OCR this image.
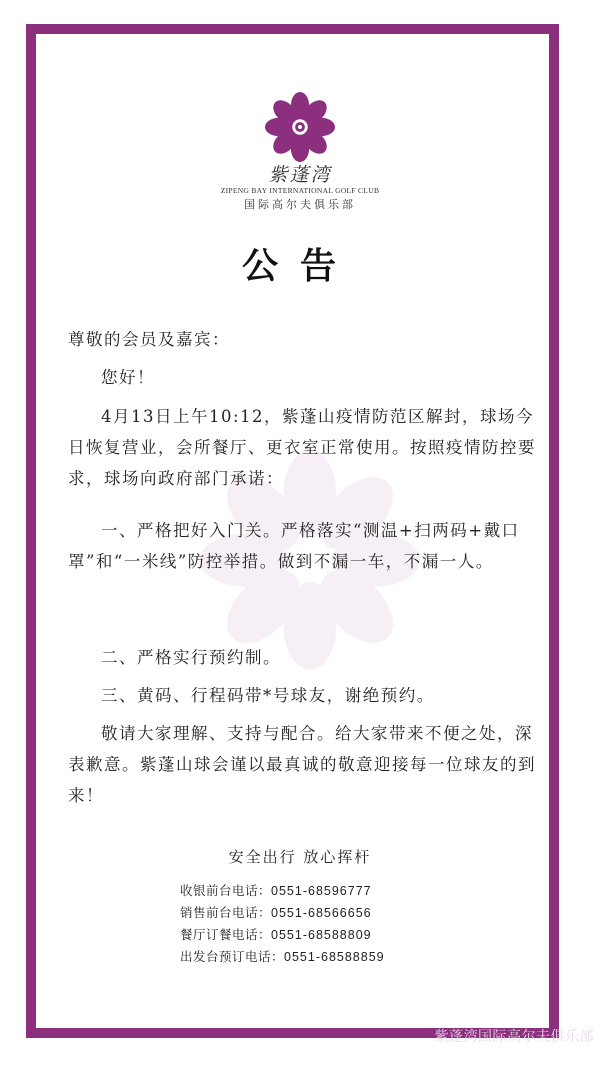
紫蓬湾
ZIPENG BAY INTERNATIONAL GOLF CLUB
国际高尔夫俱乐部
公告
尊敬的会员及嘉宾：
您好！
4月13日上午10:12，紫蓬山疫情防范区解封，球场今日恢复营业，会所餐厅、更衣室正常使用。按照疫情防控要求，球场向政府部门承诺：
一、严格把好入门关。严格落实“测温+扫两码+戴口罩”和“一米线”防控举措。做到不漏一车，不漏一人。
二、严格实行预约制。
三、黄码、行程码带*号球友，谢绝预约。
敬请大家理解、支持与配合。给大家带来不便之处，深表歉意。紫蓬山球会谨以最真诚的敬意迎接每一位球友的到来！
安全出行 放心挥杆
收银前台电话：0551-68596777
销售前台电话：0551-68566656
餐厅订餐电话：0551-68588809
出发台预订电话：0551-68588859
紫蓬湾国际高尔夫俱乐部
